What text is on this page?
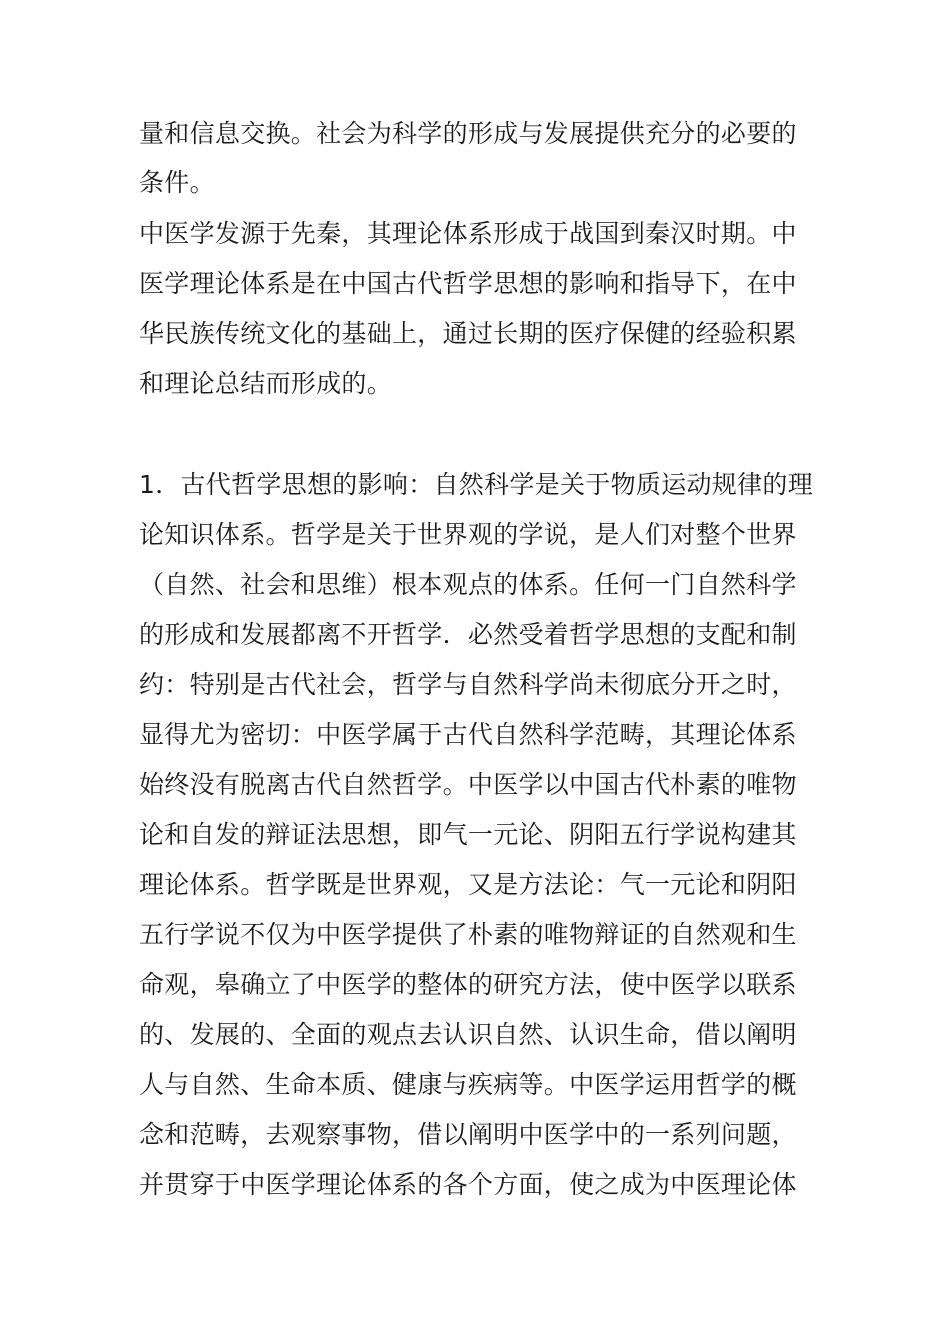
量和信息交换。社会为科学的形成与发展提供充分的必要的
条件。
中医学发源于先秦，其理论体系形成于战国到秦汉时期。中
医学理论体系是在中国古代哲学思想的影响和指导下，在中
华民族传统文化的基础上，通过长期的医疗保健的经验积累
和理论总结而形成的。
1．古代哲学思想的影响：自然科学是关于物质运动规律的理
论知识体系。哲学是关于世界观的学说，是人们对整个世界
（自然、社会和思维）根本观点的体系。任何一门自然科学
的形成和发展都离不开哲学．必然受着哲学思想的支配和制
约：特别是古代社会，哲学与自然科学尚未彻底分开之时，
显得尤为密切：中医学属于古代自然科学范畴，其理论体系
始终没有脱离古代自然哲学。中医学以中国古代朴素的唯物
论和自发的辩证法思想，即气一元论、阴阳五行学说构建其
理论体系。哲学既是世界观，又是方法论：气一元论和阴阳
五行学说不仅为中医学提供了朴素的唯物辩证的自然观和生
命观，皋确立了中医学的整体的研究方法，使中医学以联系
的、发展的、全面的观点去认识自然、认识生命，借以阐明
人与自然、生命本质、健康与疾病等。中医学运用哲学的概
念和范畴，去观察事物，借以阐明中医学中的一系列问题，
并贯穿于中医学理论体系的各个方面，使之成为中医理论体
